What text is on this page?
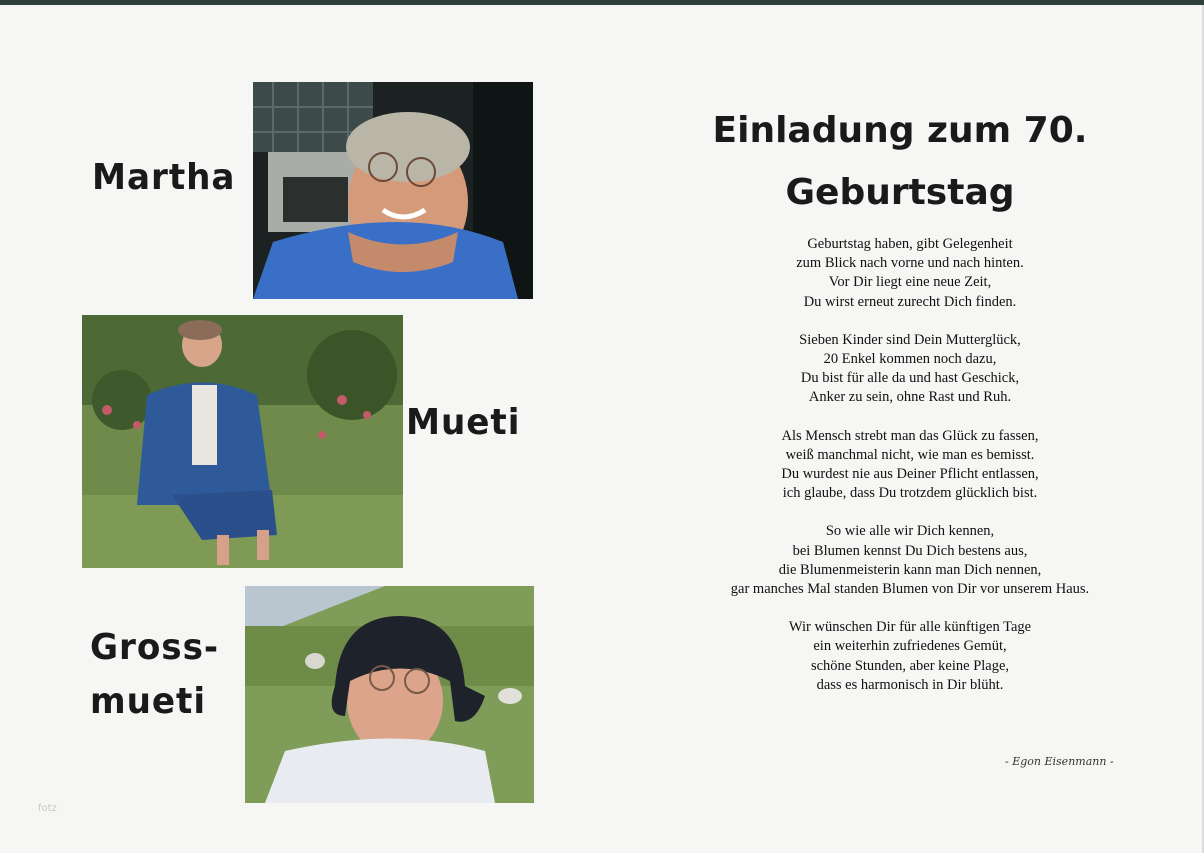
Martha
Mueti
Gross-
mueti
Einladung zum 70.
Geburtstag
Geburtstag haben, gibt Gelegenheit
zum Blick nach vorne und nach hinten.
Vor Dir liegt eine neue Zeit,
Du wirst erneut zurecht Dich finden.
Sieben Kinder sind Dein Mutterglück,
20 Enkel kommen noch dazu,
Du bist für alle da und hast Geschick,
Anker zu sein, ohne Rast und Ruh.
Als Mensch strebt man das Glück zu fassen,
weiß manchmal nicht, wie man es bemisst.
Du wurdest nie aus Deiner Pflicht entlassen,
ich glaube, dass Du trotzdem glücklich bist.
So wie alle wir Dich kennen,
bei Blumen kennst Du Dich bestens aus,
die Blumenmeisterin kann man Dich nennen,
gar manches Mal standen Blumen von Dir vor unserem Haus.
Wir wünschen Dir für alle künftigen Tage
ein weiterhin zufriedenes Gemüt,
schöne Stunden, aber keine Plage,
dass es harmonisch in Dir blüht.
- Egon Eisenmann -
fotz
